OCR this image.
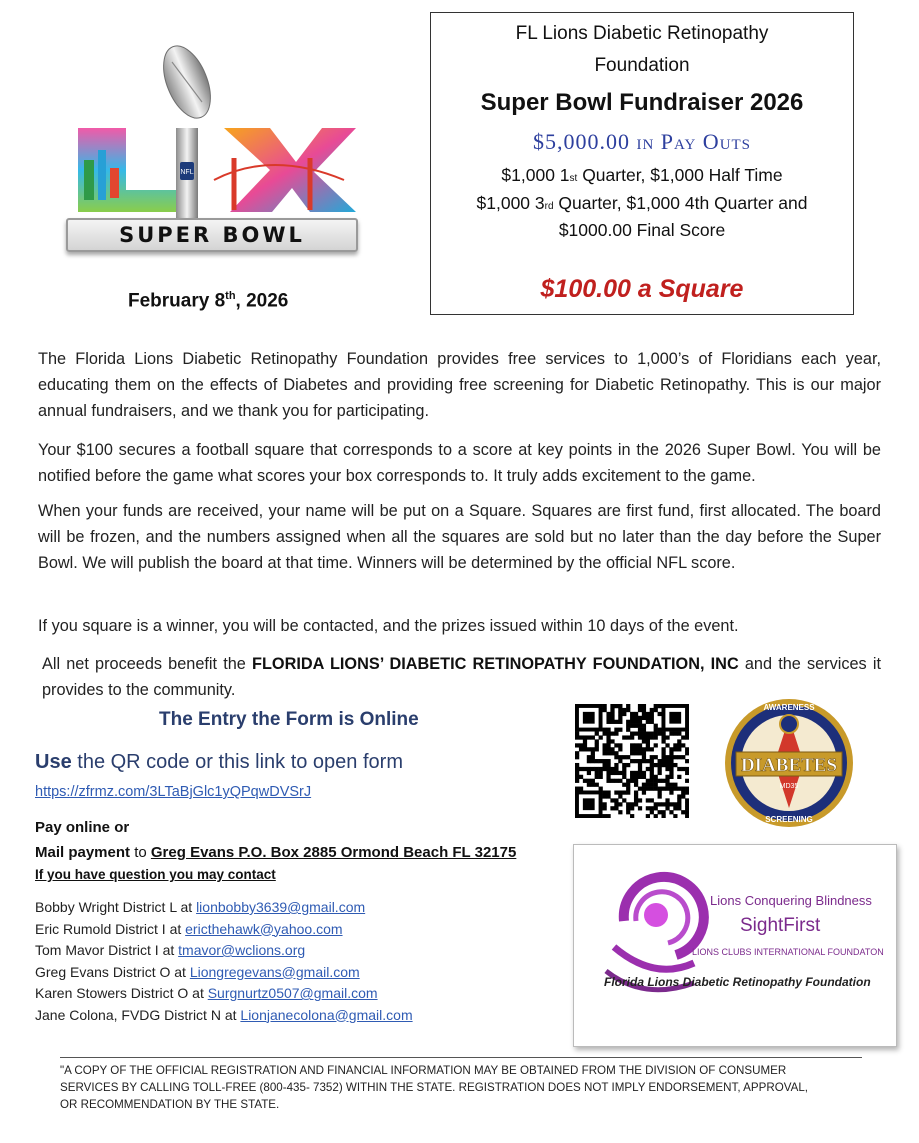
NFL
SUPER BOWL
February 8th, 2026
FL Lions Diabetic Retinopathy
Foundation
Super Bowl Fundraiser 2026
$5,000.00 in Pay Outs
$1,000 1st Quarter, $1,000 Half Time
$1,000 3rd Quarter, $1,000 4th Quarter and
$1000.00 Final Score
$100.00 a Square

The Florida Lions Diabetic Retinopathy Foundation provides free services to 1,000’s of Floridians each year, educating them on the effects of Diabetes and providing free screening for Diabetic Retinopathy. This is our major annual fundraisers, and we thank you for participating.

Your $100 secures a football square that corresponds to a score at key points in the 2026 Super Bowl. You will be notified before the game what scores your box corresponds to. It truly adds excitement to the game.

When your funds are received, your name will be put on a Square. Squares are first fund, first allocated. The board will be frozen, and the numbers assigned when all the squares are sold but no later than the day before the Super Bowl. We will publish the board at that time. Winners will be determined by the official NFL score.

If you square is a winner, you will be contacted, and the prizes issued within 10 days of the event.

All net proceeds benefit the FLORIDA LIONS’ DIABETIC RETINOPATHY FOUNDATION, INC and the services it provides to the community.

The Entry the Form is Online
Use the QR code or this link to open form
https://zfrmz.com/3LTaBjGlc1yQPqwDVSrJ
Pay online or
Mail payment to Greg Evans P.O. Box 2885 Ormond Beach FL 32175
If you have question you may contact
Bobby Wright District L at lionbobby3639@gmail.com
Eric Rumold District I at ericthehawk@yahoo.com
Tom Mavor District I at tmavor@wclions.org
Greg Evans District O at Liongregevans@gmail.com
Karen Stowers District O at Surgnurtz0507@gmail.com
Jane Colona, FVDG District N at Lionjanecolona@gmail.com
DIABETES
MD35
AWARENESS
SCREENING
Lions Conquering Blindness
SightFirst
LIONS CLUBS INTERNATIONAL FOUNDATON
Florida Lions Diabetic Retinopathy Foundation

"A COPY OF THE OFFICIAL REGISTRATION AND FINANCIAL INFORMATION MAY BE OBTAINED FROM THE DIVISION OF CONSUMER SERVICES BY CALLING TOLL-FREE (800-435- 7352) WITHIN THE STATE. REGISTRATION DOES NOT IMPLY ENDORSEMENT, APPROVAL, OR RECOMMENDATION BY THE STATE.
